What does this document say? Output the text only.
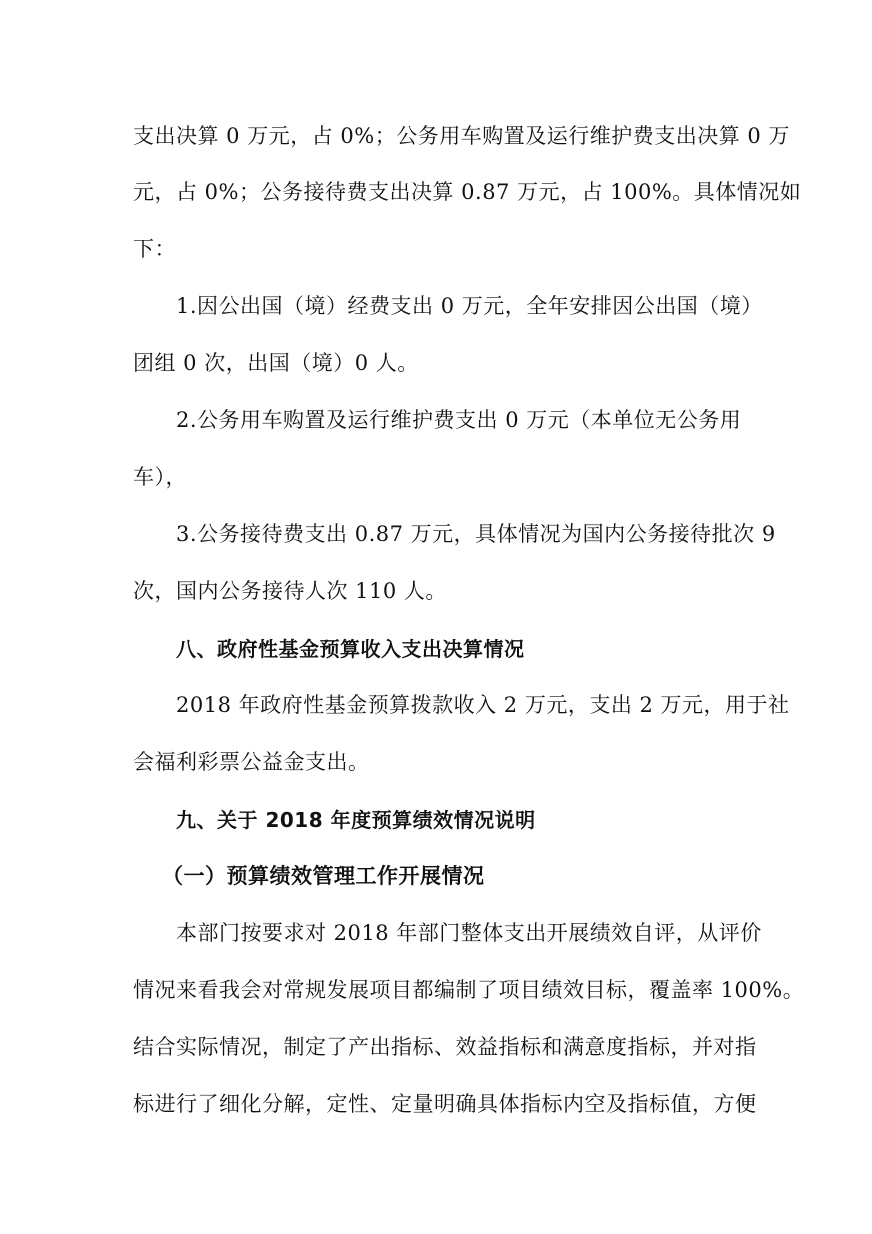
支出决算 0 万元，占 0%；公务用车购置及运行维护费支出决算 0 万
元，占 0%；公务接待费支出决算 0.87 万元，占 100%。具体情况如
下：
1.因公出国（境）经费支出 0 万元，全年安排因公出国（境）
团组 0 次，出国（境）0 人。
2.公务用车购置及运行维护费支出 0 万元（本单位无公务用
车），
3.公务接待费支出 0.87 万元，具体情况为国内公务接待批次 9
次，国内公务接待人次 110 人。
八、政府性基金预算收入支出决算情况
2018 年政府性基金预算拨款收入 2 万元，支出 2 万元，用于社
会福利彩票公益金支出。
九、关于 2018 年度预算绩效情况说明
（一）预算绩效管理工作开展情况
本部门按要求对 2018 年部门整体支出开展绩效自评，从评价
情况来看我会对常规发展项目都编制了项目绩效目标，覆盖率 100%。
结合实际情况，制定了产出指标、效益指标和满意度指标，并对指
标进行了细化分解，定性、定量明确具体指标内空及指标值，方便
